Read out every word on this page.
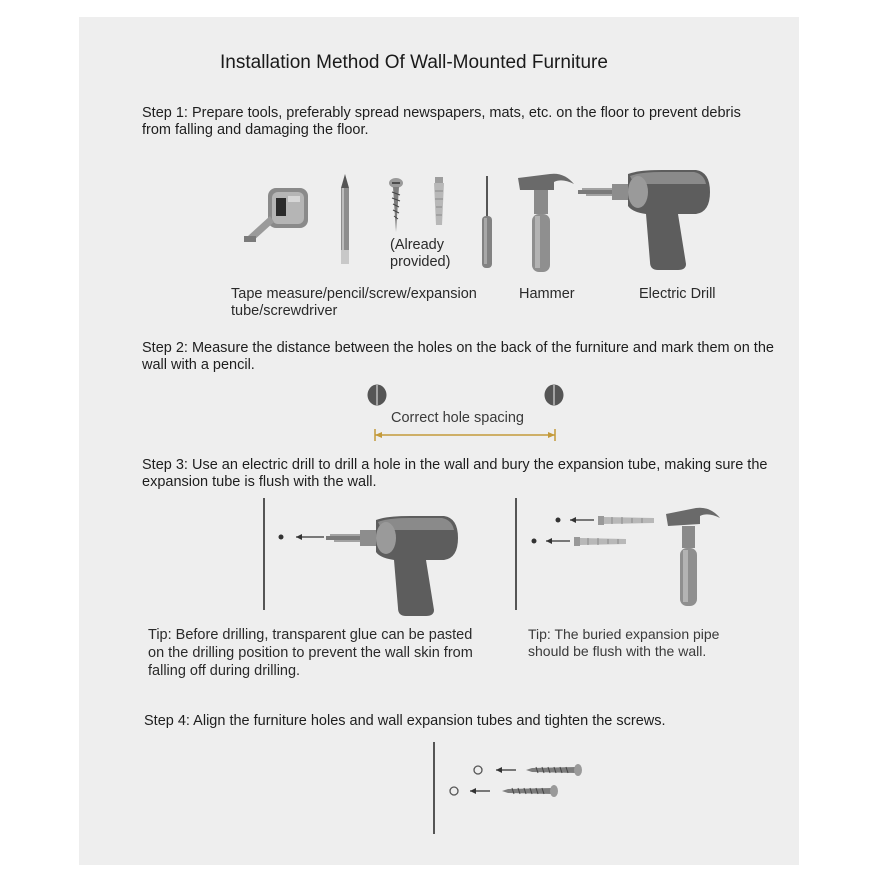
Installation Method Of Wall-Mounted Furniture
Step 1: Prepare tools, preferably spread newspapers, mats, etc. on the floor to prevent debris from falling and damaging the floor.
(Already provided)
Tape measure/pencil/screw/expansion tube/screwdriver
Hammer	Electric Drill
Step 2: Measure the distance between the holes on the back of the furniture and mark them on the wall with a pencil.
Correct hole spacing
Step 3: Use an electric drill to drill a hole in the wall and bury the expansion tube, making sure the expansion tube is flush with the wall.
Tip: Before drilling, transparent glue can be pasted on the drilling position to prevent the wall skin from falling off during drilling.
Tip: The buried expansion pipe should be flush with the wall.
Step 4: Align the furniture holes and wall expansion tubes and tighten the screws.
